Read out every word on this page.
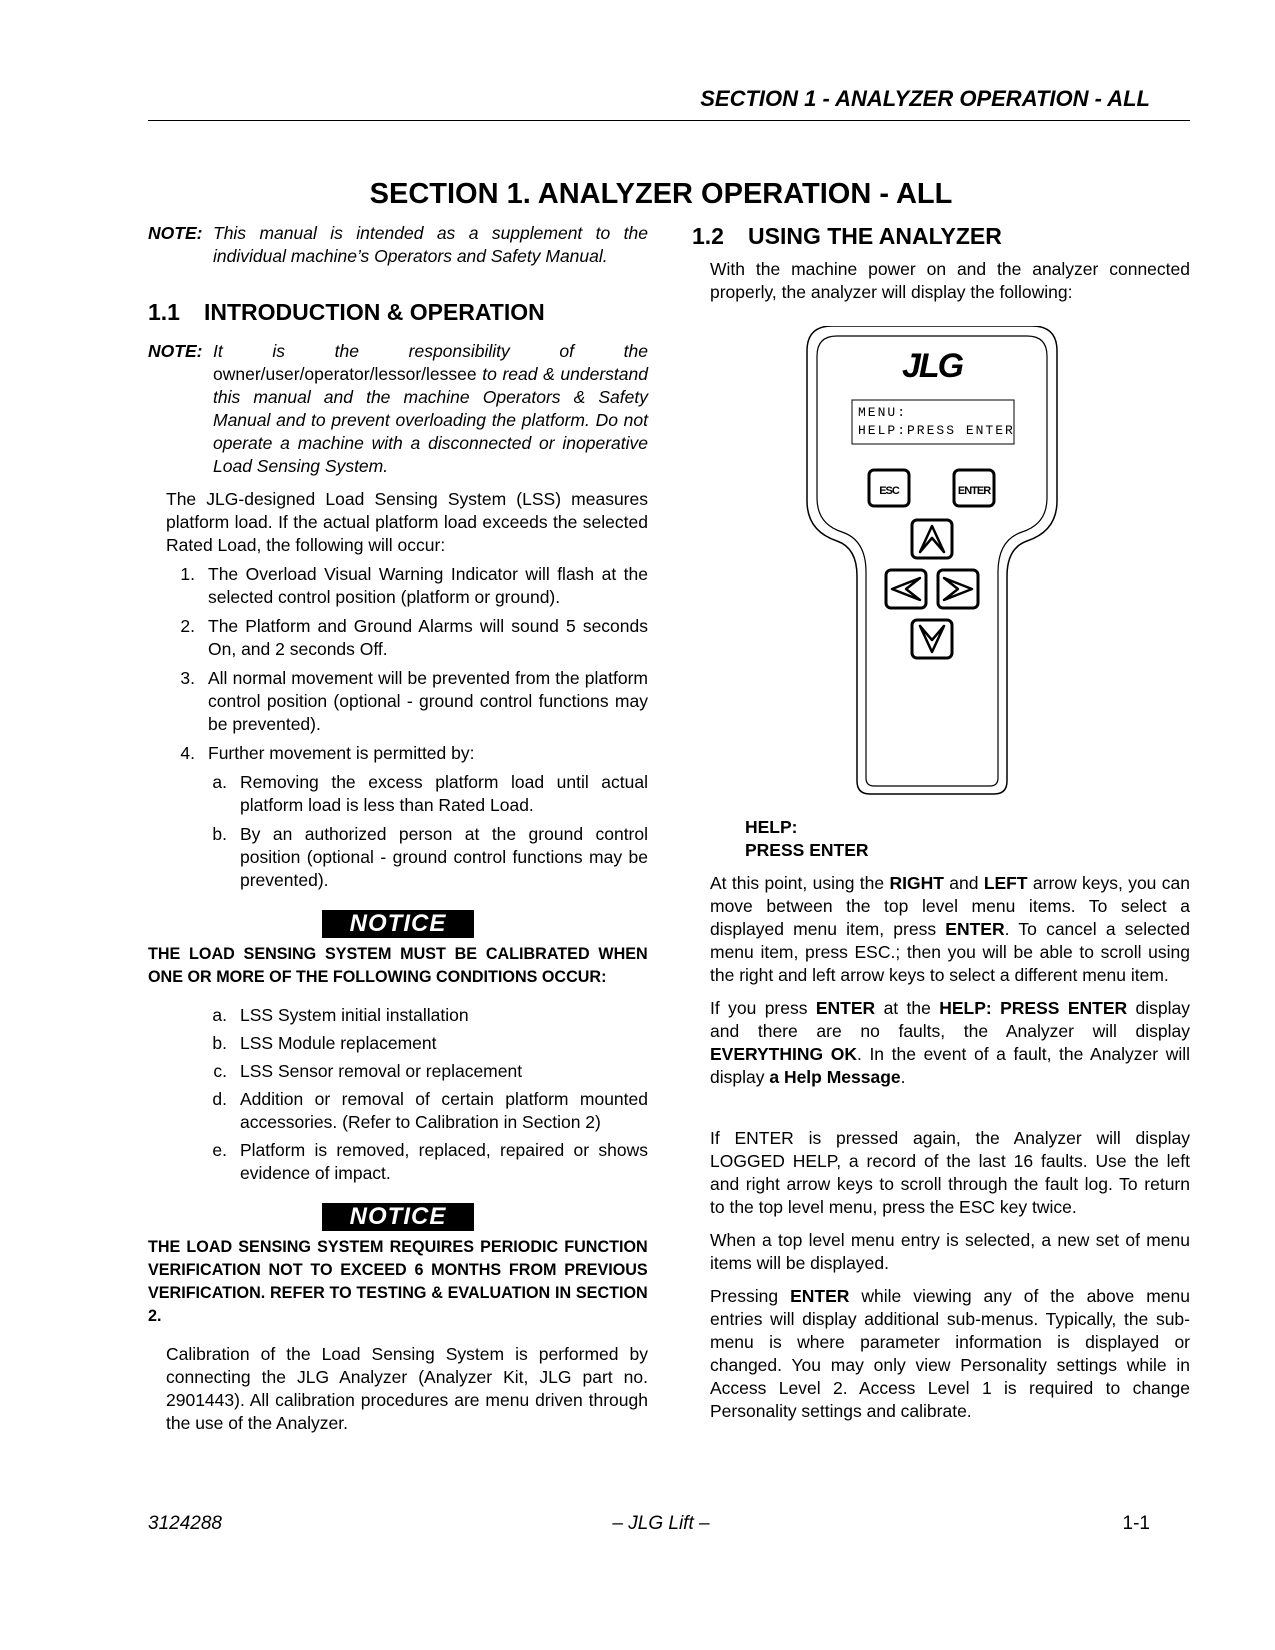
SECTION 1 - ANALYZER OPERATION - ALL
SECTION 1. ANALYZER OPERATION - ALL
NOTE: This manual is intended as a supplement to the individual machine’s Operators and Safety Manual.
1.1 INTRODUCTION & OPERATION
NOTE: It is the responsibility of the owner/user/operator/lessor/lessee to read & understand this manual and the machine Operators & Safety Manual and to prevent overloading the platform. Do not operate a machine with a disconnected or inoperative Load Sensing System.
The JLG-designed Load Sensing System (LSS) measures platform load. If the actual platform load exceeds the selected Rated Load, the following will occur:
1. The Overload Visual Warning Indicator will flash at the selected control position (platform or ground).
2. The Platform and Ground Alarms will sound 5 seconds On, and 2 seconds Off.
3. All normal movement will be prevented from the platform control position (optional - ground control functions may be prevented).
4. Further movement is permitted by:
a. Removing the excess platform load until actual platform load is less than Rated Load.
b. By an authorized person at the ground control position (optional - ground control functions may be prevented).
NOTICE
THE LOAD SENSING SYSTEM MUST BE CALIBRATED WHEN ONE OR MORE OF THE FOLLOWING CONDITIONS OCCUR:
a. LSS System initial installation
b. LSS Module replacement
c. LSS Sensor removal or replacement
d. Addition or removal of certain platform mounted accessories. (Refer to Calibration in Section 2)
e. Platform is removed, replaced, repaired or shows evidence of impact.
NOTICE
THE LOAD SENSING SYSTEM REQUIRES PERIODIC FUNCTION VERIFICATION NOT TO EXCEED 6 MONTHS FROM PREVIOUS VERIFICATION. REFER TO TESTING & EVALUATION IN SECTION 2.
Calibration of the Load Sensing System is performed by connecting the JLG Analyzer (Analyzer Kit, JLG part no. 2901443). All calibration procedures are menu driven through the use of the Analyzer.
1.2 USING THE ANALYZER
With the machine power on and the analyzer connected properly, the analyzer will display the following:
JLG
MENU:
HELP:PRESS ENTER
ESC	ENTER
HELP:
PRESS ENTER
At this point, using the RIGHT and LEFT arrow keys, you can move between the top level menu items. To select a displayed menu item, press ENTER. To cancel a selected menu item, press ESC.; then you will be able to scroll using the right and left arrow keys to select a different menu item.
If you press ENTER at the HELP: PRESS ENTER display and there are no faults, the Analyzer will display EVERYTHING OK. In the event of a fault, the Analyzer will display a Help Message.
If ENTER is pressed again, the Analyzer will display LOGGED HELP, a record of the last 16 faults. Use the left and right arrow keys to scroll through the fault log. To return to the top level menu, press the ESC key twice.
When a top level menu entry is selected, a new set of menu items will be displayed.
Pressing ENTER while viewing any of the above menu entries will display additional sub-menus. Typically, the sub-menu is where parameter information is displayed or changed. You may only view Personality settings while in Access Level 2. Access Level 1 is required to change Personality settings and calibrate.
3124288	– JLG Lift –	1-1
